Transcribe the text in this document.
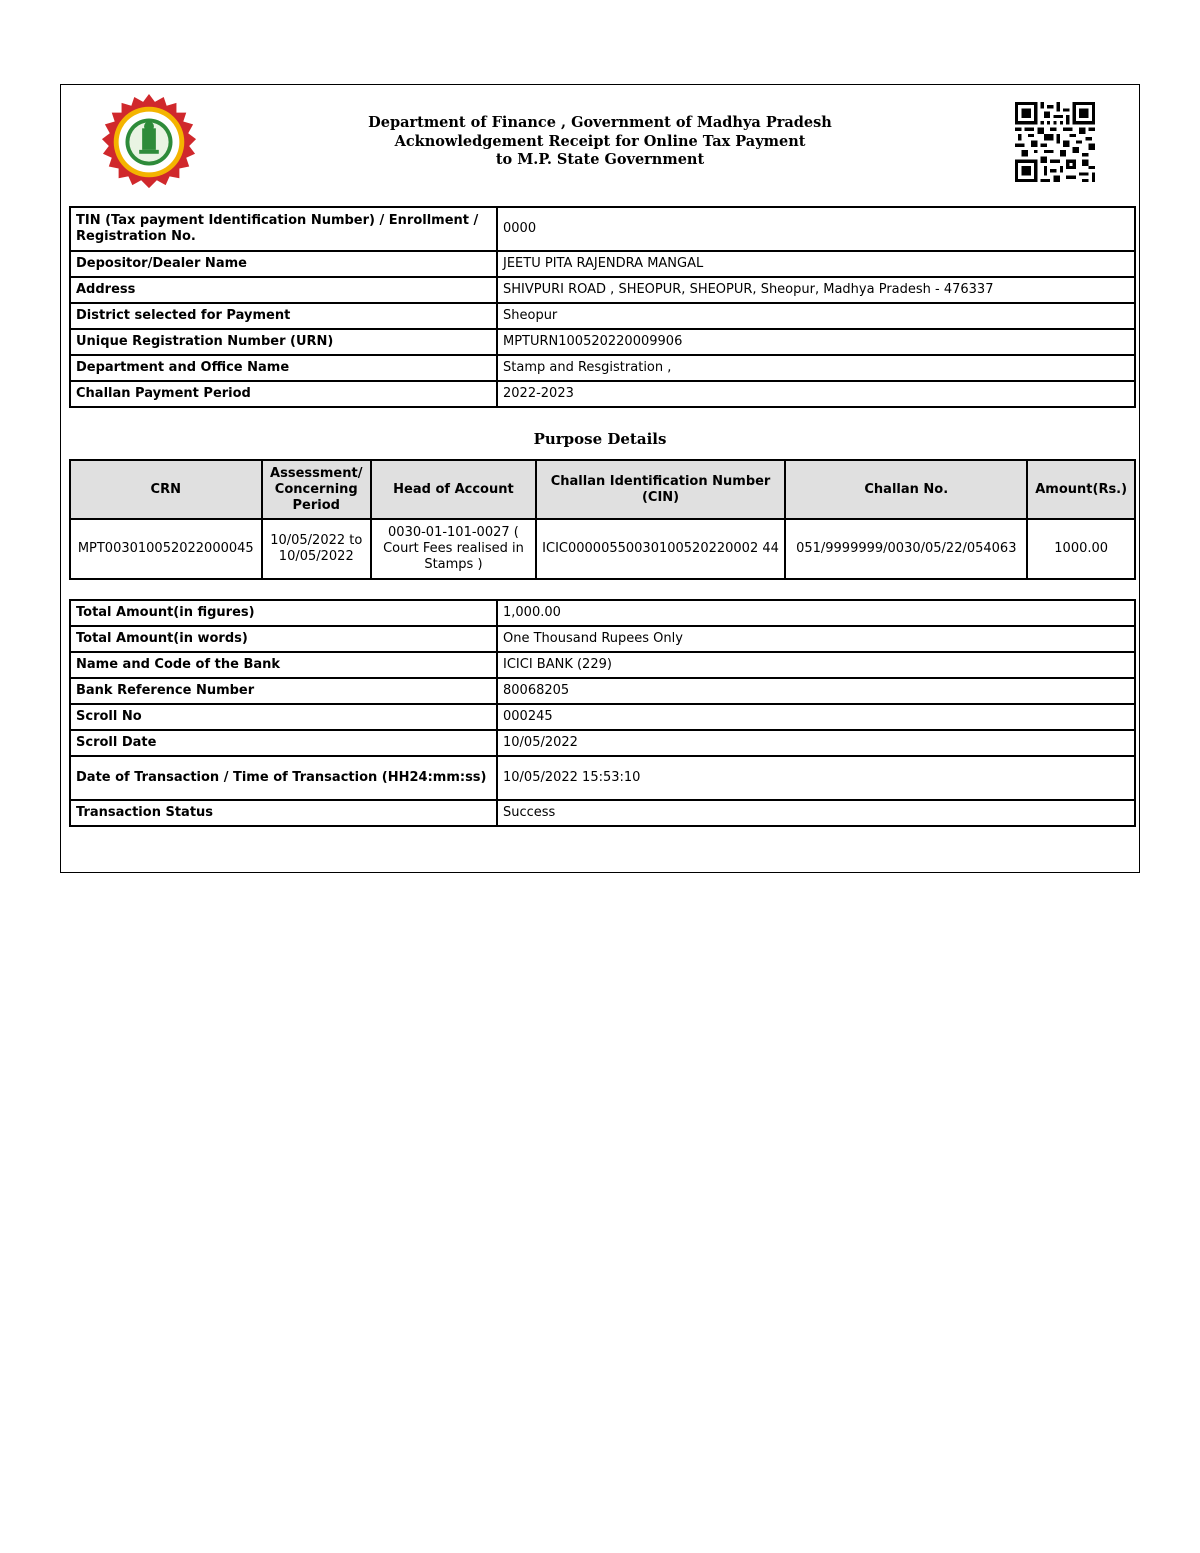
Department of Finance , Government of Madhya Pradesh
Acknowledgement Receipt for Online Tax Payment
to M.P. State Government
TIN (Tax payment Identification Number) / Enrollment / Registration No.	0000
Depositor/Dealer Name	JEETU PITA RAJENDRA MANGAL
Address	SHIVPURI ROAD , SHEOPUR, SHEOPUR, Sheopur, Madhya Pradesh - 476337
District selected for Payment	Sheopur
Unique Registration Number (URN)	MPTURN100520220009906
Department and Office Name	Stamp and Resgistration ,
Challan Payment Period	2022-2023
Purpose Details
CRN	Assessment/ Concerning Period	Head of Account	Challan Identification Number (CIN)	Challan No.	Amount(Rs.)
MPT003010052022000045	10/05/2022 to 10/05/2022	0030-01-101-0027 ( Court Fees realised in Stamps )	ICIC00000550030100520220002 44	051/9999999/0030/05/22/054063	1000.00
Total Amount(in figures)	1,000.00
Total Amount(in words)	One Thousand Rupees Only
Name and Code of the Bank	ICICI BANK (229)
Bank Reference Number	80068205
Scroll No	000245
Scroll Date	10/05/2022
Date of Transaction / Time of Transaction (HH24:mm:ss)	10/05/2022 15:53:10
Transaction Status	Success
